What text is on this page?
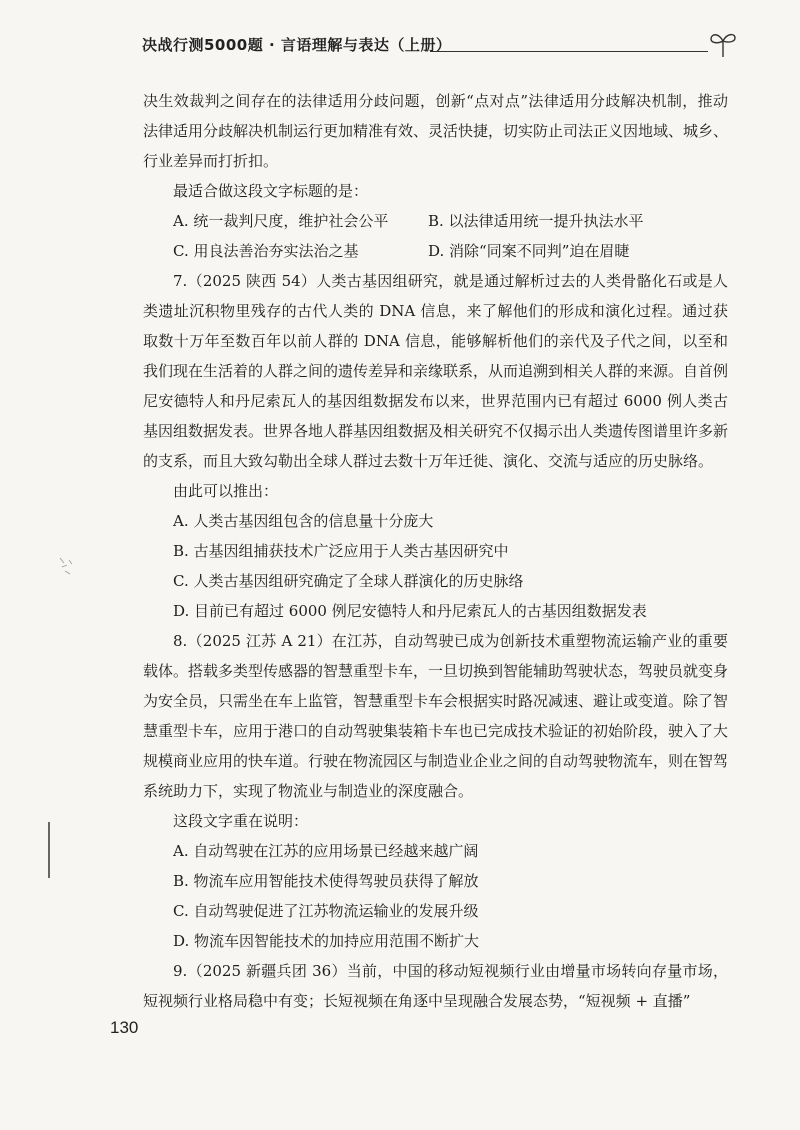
决战行测5000题 · 言语理解与表达（上册）

决生效裁判之间存在的法律适用分歧问题，创新“点对点”法律适用分歧解决机制，推动法律适用分歧解决机制运行更加精准有效、灵活快捷，切实防止司法正义因地域、城乡、行业差异而打折扣。

最适合做这段文字标题的是：
A. 统一裁判尺度，维护社会公平	B. 以法律适用统一提升执法水平
C. 用良法善治夯实法治之基	D. 消除“同案不同判”迫在眉睫

7.（2025 陕西 54）人类古基因组研究，就是通过解析过去的人类骨骼化石或是人类遗址沉积物里残存的古代人类的 DNA 信息，来了解他们的形成和演化过程。通过获取数十万年至数百年以前人群的 DNA 信息，能够解析他们的亲代及子代之间，以至和我们现在生活着的人群之间的遗传差异和亲缘联系，从而追溯到相关人群的来源。自首例尼安德特人和丹尼索瓦人的基因组数据发布以来，世界范围内已有超过 6000 例人类古基因组数据发表。世界各地人群基因组数据及相关研究不仅揭示出人类遗传图谱里许多新的支系，而且大致勾勒出全球人群过去数十万年迁徙、演化、交流与适应的历史脉络。

由此可以推出：
A. 人类古基因组包含的信息量十分庞大
B. 古基因组捕获技术广泛应用于人类古基因研究中
C. 人类古基因组研究确定了全球人群演化的历史脉络
D. 目前已有超过 6000 例尼安德特人和丹尼索瓦人的古基因组数据发表

8.（2025 江苏 A 21）在江苏，自动驾驶已成为创新技术重塑物流运输产业的重要载体。搭载多类型传感器的智慧重型卡车，一旦切换到智能辅助驾驶状态，驾驶员就变身为安全员，只需坐在车上监管，智慧重型卡车会根据实时路况减速、避让或变道。除了智慧重型卡车，应用于港口的自动驾驶集装箱卡车也已完成技术验证的初始阶段，驶入了大规模商业应用的快车道。行驶在物流园区与制造业企业之间的自动驾驶物流车，则在智驾系统助力下，实现了物流业与制造业的深度融合。

这段文字重在说明：
A. 自动驾驶在江苏的应用场景已经越来越广阔
B. 物流车应用智能技术使得驾驶员获得了解放
C. 自动驾驶促进了江苏物流运输业的发展升级
D. 物流车因智能技术的加持应用范围不断扩大

9.（2025 新疆兵团 36）当前，中国的移动短视频行业由增量市场转向存量市场，短视频行业格局稳中有变；长短视频在角逐中呈现融合发展态势，“短视频 + 直播”

130
